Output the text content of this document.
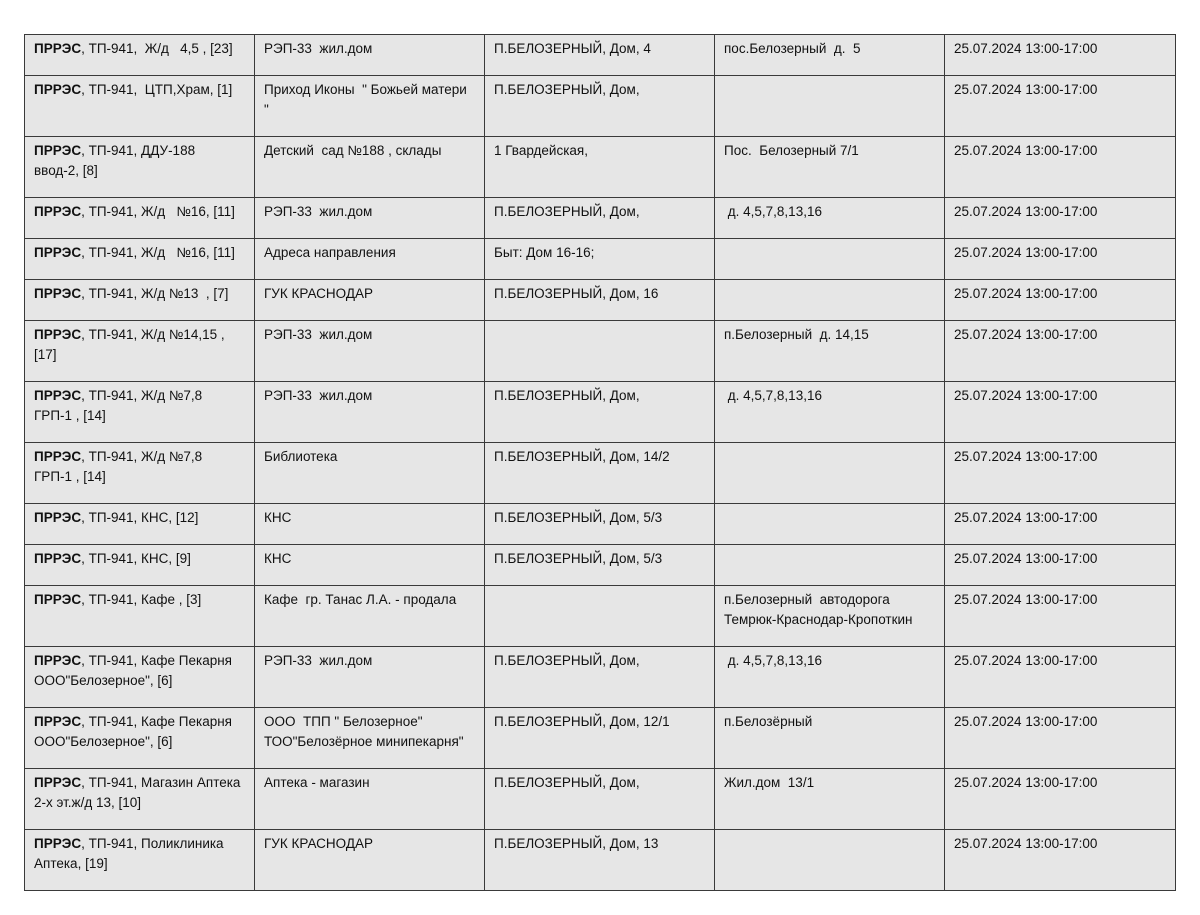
ПРРЭС, ТП-941,  Ж/д   4,5 , [23]	РЭП-33  жил.дом	П.БЕЛОЗЕРНЫЙ, Дом, 4	пос.Белозерный  д.  5	25.07.2024 13:00-17:00
ПРРЭС, ТП-941,  ЦТП,Храм, [1]	Приход Иконы  " Божьей матери "	П.БЕЛОЗЕРНЫЙ, Дом,		25.07.2024 13:00-17:00
ПРРЭС, ТП-941, ДДУ-188  ввод-2, [8]	Детский  сад №188 , склады	1 Гвардейская,	Пос.  Белозерный 7/1	25.07.2024 13:00-17:00
ПРРЭС, ТП-941, Ж/д   №16, [11]	РЭП-33  жил.дом	П.БЕЛОЗЕРНЫЙ, Дом,	д. 4,5,7,8,13,16	25.07.2024 13:00-17:00
ПРРЭС, ТП-941, Ж/д   №16, [11]	Адреса направления	Быт: Дом 16-16;		25.07.2024 13:00-17:00
ПРРЭС, ТП-941, Ж/д №13  , [7]	ГУК КРАСНОДАР	П.БЕЛОЗЕРНЫЙ, Дом, 16		25.07.2024 13:00-17:00
ПРРЭС, ТП-941, Ж/д №14,15 , [17]	РЭП-33  жил.дом		п.Белозерный  д. 14,15	25.07.2024 13:00-17:00
ПРРЭС, ТП-941, Ж/д №7,8   ГРП-1 , [14]	РЭП-33  жил.дом	П.БЕЛОЗЕРНЫЙ, Дом,	д. 4,5,7,8,13,16	25.07.2024 13:00-17:00
ПРРЭС, ТП-941, Ж/д №7,8   ГРП-1 , [14]	Библиотека	П.БЕЛОЗЕРНЫЙ, Дом, 14/2		25.07.2024 13:00-17:00
ПРРЭС, ТП-941, КНС, [12]	КНС	П.БЕЛОЗЕРНЫЙ, Дом, 5/3		25.07.2024 13:00-17:00
ПРРЭС, ТП-941, КНС, [9]	КНС	П.БЕЛОЗЕРНЫЙ, Дом, 5/3		25.07.2024 13:00-17:00
ПРРЭС, ТП-941, Кафе , [3]	Кафе  гр. Танас Л.А. - продала		п.Белозерный  автодорога Темрюк-Краснодар-Кропоткин	25.07.2024 13:00-17:00
ПРРЭС, ТП-941, Кафе Пекарня ООО"Белозерное", [6]	РЭП-33  жил.дом	П.БЕЛОЗЕРНЫЙ, Дом,	д. 4,5,7,8,13,16	25.07.2024 13:00-17:00
ПРРЭС, ТП-941, Кафе Пекарня ООО"Белозерное", [6]	ООО  ТПП " Белозерное" ТОО"Белозёрное минипекарня"	П.БЕЛОЗЕРНЫЙ, Дом, 12/1	п.Белозёрный	25.07.2024 13:00-17:00
ПРРЭС, ТП-941, Магазин Аптека 2-х эт.ж/д 13, [10]	Аптека - магазин	П.БЕЛОЗЕРНЫЙ, Дом,	Жил.дом  13/1	25.07.2024 13:00-17:00
ПРРЭС, ТП-941, Поликлиника Аптека, [19]	ГУК КРАСНОДАР	П.БЕЛОЗЕРНЫЙ, Дом, 13		25.07.2024 13:00-17:00
